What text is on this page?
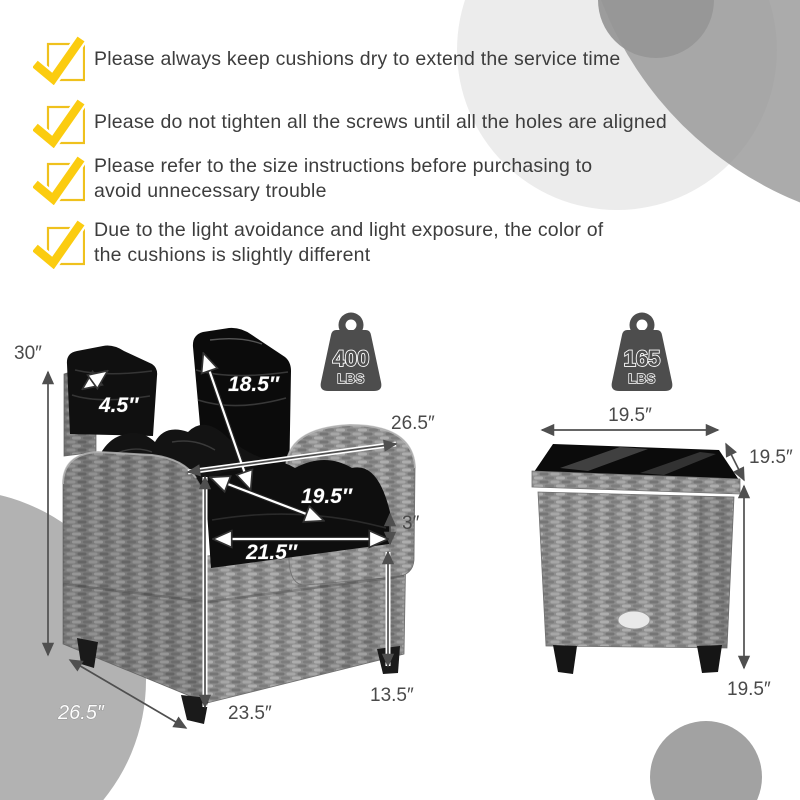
Please always keep cushions dry to extend the service time
Please do not tighten all the screws until all the holes are aligned
Please refer to the size instructions before purchasing to
avoid unnecessary trouble
Due to the light avoidance and light exposure, the color of
the cushions is slightly different
400
LBS
165
LBS
30″
4.5″
18.5″
26.5″
19.5″
3″
21.5″
23.5″
13.5″
26.5″
19.5″
19.5″
19.5″
